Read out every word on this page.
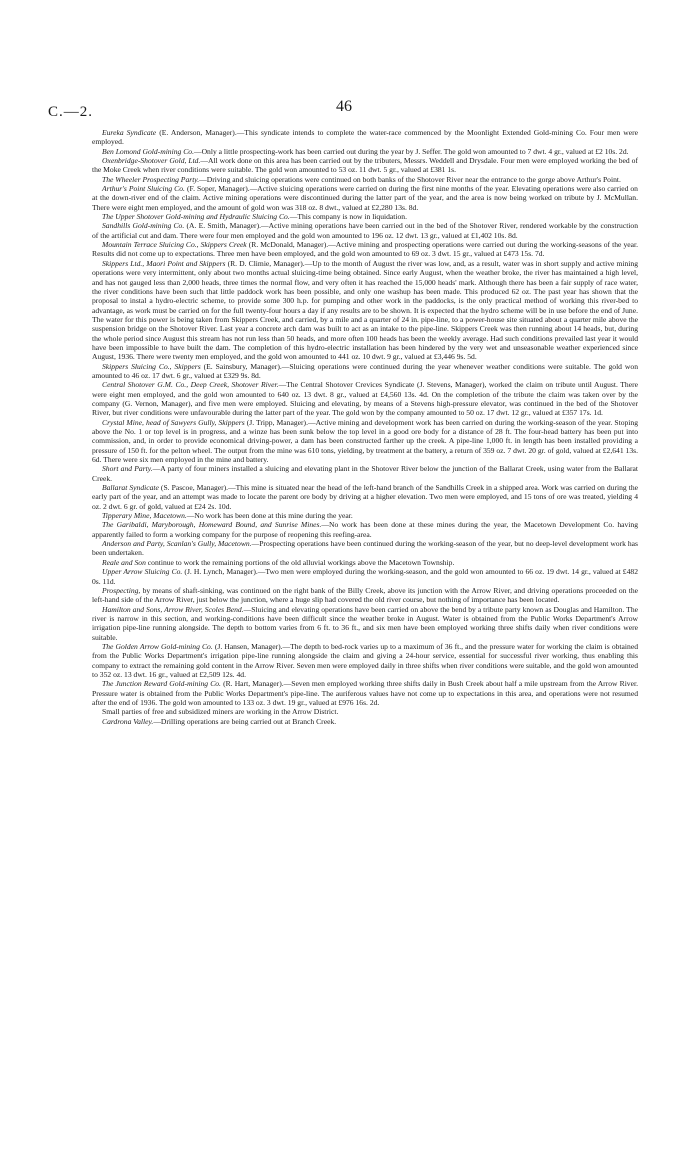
C.—2.	46

Eureka Syndicate (E. Anderson, Manager).—This syndicate intends to complete the water-race commenced by the Moonlight Extended Gold-mining Co. Four men were employed.

Ben Lomond Gold-mining Co.—Only a little prospecting-work has been carried out during the year by J. Seffer. The gold won amounted to 7 dwt. 4 gr., valued at £2 10s. 2d.

Oxenbridge-Shotover Gold, Ltd.—All work done on this area has been carried out by the tributers, Messrs. Weddell and Drysdale. Four men were employed working the bed of the Moke Creek when river conditions were suitable. The gold won amounted to 53 oz. 11 dwt. 5 gr., valued at £381 1s.

The Wheeler Prospecting Party.—Driving and sluicing operations were continued on both banks of the Shotover River near the entrance to the gorge above Arthur's Point.

Arthur's Point Sluicing Co. (F. Soper, Manager).—Active sluicing operations were carried on during the first nine months of the year. Elevating operations were also carried on at the down-river end of the claim. Active mining operations were discontinued during the latter part of the year, and the area is now being worked on tribute by J. McMullan. There were eight men employed, and the amount of gold won was 318 oz. 8 dwt., valued at £2,280 13s. 8d.

The Upper Shotover Gold-mining and Hydraulic Sluicing Co.—This company is now in liquidation.

Sandhills Gold-mining Co. (A. E. Smith, Manager).—Active mining operations have been carried out in the bed of the Shotover River, rendered workable by the construction of the artificial cut and dam. There were four men employed and the gold won amounted to 196 oz. 12 dwt. 13 gr., valued at £1,402 10s. 8d.

Mountain Terrace Sluicing Co., Skippers Creek (R. McDonald, Manager).—Active mining and prospecting operations were carried out during the working-seasons of the year. Results did not come up to expectations. Three men have been employed, and the gold won amounted to 69 oz. 3 dwt. 15 gr., valued at £473 15s. 7d.

Skippers Ltd., Maori Point and Skippers (R. D. Climie, Manager).—Up to the month of August the river was low, and, as a result, water was in short supply and active mining operations were very intermittent, only about two months actual sluicing-time being obtained. Since early August, when the weather broke, the river has maintained a high level, and has not gauged less than 2,000 heads, three times the normal flow, and very often it has reached the 15,000 heads' mark. Although there has been a fair supply of race water, the river conditions have been such that little paddock work has been possible, and only one washup has been made. This produced 62 oz. The past year has shown that the proposal to instal a hydro-electric scheme, to provide some 300 h.p. for pumping and other work in the paddocks, is the only practical method of working this river-bed to advantage, as work must be carried on for the full twenty-four hours a day if any results are to be shown. It is expected that the hydro scheme will be in use before the end of June. The water for this power is being taken from Skippers Creek, and carried, by a mile and a quarter of 24 in. pipe-line, to a power-house site situated about a quarter mile above the suspension bridge on the Shotover River. Last year a concrete arch dam was built to act as an intake to the pipe-line. Skippers Creek was then running about 14 heads, but, during the whole period since August this stream has not run less than 50 heads, and more often 100 heads has been the weekly average. Had such conditions prevailed last year it would have been impossible to have built the dam. The completion of this hydro-electric installation has been hindered by the very wet and unseasonable weather experienced since August, 1936. There were twenty men employed, and the gold won amounted to 441 oz. 10 dwt. 9 gr., valued at £3,446 9s. 5d.

Skippers Sluicing Co., Skippers (E. Sainsbury, Manager).—Sluicing operations were continued during the year whenever weather conditions were suitable. The gold won amounted to 46 oz. 17 dwt. 6 gr., valued at £329 9s. 8d.

Central Shotover G.M. Co., Deep Creek, Shotover River.—The Central Shotover Crevices Syndicate (J. Stevens, Manager), worked the claim on tribute until August. There were eight men employed, and the gold won amounted to 640 oz. 13 dwt. 8 gr., valued at £4,560 13s. 4d. On the completion of the tribute the claim was taken over by the company (G. Vernon, Manager), and five men were employed. Sluicing and elevating, by means of a Stevens high-pressure elevator, was continued in the bed of the Shotover River, but river conditions were unfavourable during the latter part of the year. The gold won by the company amounted to 50 oz. 17 dwt. 12 gr., valued at £357 17s. 1d.

Crystal Mine, head of Sawyers Gully, Skippers (J. Tripp, Manager).—Active mining and development work has been carried on during the working-season of the year. Stoping above the No. 1 or top level is in progress, and a winze has been sunk below the top level in a good ore body for a distance of 28 ft. The four-head battery has been put into commission, and, in order to provide economical driving-power, a dam has been constructed farther up the creek. A pipe-line 1,000 ft. in length has been installed providing a pressure of 150 ft. for the pelton wheel. The output from the mine was 610 tons, yielding, by treatment at the battery, a return of 359 oz. 7 dwt. 20 gr. of gold, valued at £2,641 13s. 6d. There were six men employed in the mine and battery.

Short and Party.—A party of four miners installed a sluicing and elevating plant in the Shotover River below the junction of the Ballarat Creek, using water from the Ballarat Creek.

Ballarat Syndicate (S. Pascoe, Manager).—This mine is situated near the head of the left-hand branch of the Sandhills Creek in a shipped area. Work was carried on during the early part of the year, and an attempt was made to locate the parent ore body by driving at a higher elevation. Two men were employed, and 15 tons of ore was treated, yielding 4 oz. 2 dwt. 6 gr. of gold, valued at £24 2s. 10d.

Tipperary Mine, Macetown.—No work has been done at this mine during the year.

The Garibaldi, Maryborough, Homeward Bound, and Sunrise Mines.—No work has been done at these mines during the year, the Macetown Development Co. having apparently failed to form a working company for the purpose of reopening this reefing-area.

Anderson and Party, Scanlan's Gully, Macetown.—Prospecting operations have been continued during the working-season of the year, but no deep-level development work has been undertaken.

Reale and Son continue to work the remaining portions of the old alluvial workings above the Macetown Township.

Upper Arrow Sluicing Co. (J. H. Lynch, Manager).—Two men were employed during the working-season, and the gold won amounted to 66 oz. 19 dwt. 14 gr., valued at £482 0s. 11d.

Prospecting, by means of shaft-sinking, was continued on the right bank of the Billy Creek, above its junction with the Arrow River, and driving operations proceeded on the left-hand side of the Arrow River, just below the junction, where a huge slip had covered the old river course, but nothing of importance has been located.

Hamilton and Sons, Arrow River, Scoles Bend.—Sluicing and elevating operations have been carried on above the bend by a tribute party known as Douglas and Hamilton. The river is narrow in this section, and working-conditions have been difficult since the weather broke in August. Water is obtained from the Public Works Department's Arrow irrigation pipe-line running alongside. The depth to bottom varies from 6 ft. to 36 ft., and six men have been employed working three shifts daily when river conditions were suitable.

The Golden Arrow Gold-mining Co. (J. Hansen, Manager).—The depth to bed-rock varies up to a maximum of 36 ft., and the pressure water for working the claim is obtained from the Public Works Department's irrigation pipe-line running alongside the claim and giving a 24-hour service, essential for successful river working, thus enabling this company to extract the remaining gold content in the Arrow River. Seven men were employed daily in three shifts when river conditions were suitable, and the gold won amounted to 352 oz. 13 dwt. 16 gr., valued at £2,509 12s. 4d.

The Junction Reward Gold-mining Co. (R. Hart, Manager).—Seven men employed working three shifts daily in Bush Creek about half a mile upstream from the Arrow River. Pressure water is obtained from the Public Works Department's pipe-line. The auriferous values have not come up to expectations in this area, and operations were not resumed after the end of 1936. The gold won amounted to 133 oz. 3 dwt. 19 gr., valued at £976 16s. 2d.

Small parties of free and subsidized miners are working in the Arrow District.

Cardrona Valley.—Drilling operations are being carried out at Branch Creek.
